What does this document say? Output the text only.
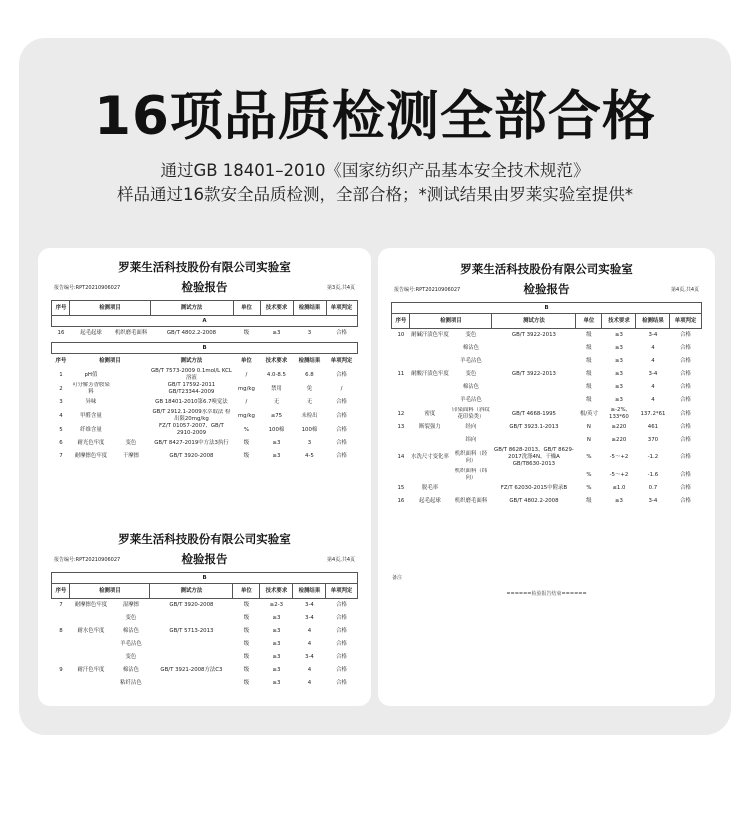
16项品质检测全部合格
通过GB 18401–2010《国家纺织产品基本安全技术规范》
样品通过16款安全品质检测，全部合格；*测试结果由罗莱实验室提供*
罗莱生活科技股份有限公司实验室
报告编号:RPT20210906027	检验报告	第3页,共4页
序号	检测项目		测试方法	单位	技术要求	检测结果	单项判定
A							
16	起毛起球	机织磨毛面料	GB/T 4802.2-2008	级	≥3	3	合格
B							
序号	检测项目		测试方法	单位	技术要求	检测结果	单项判定
1	pH值		GB/T 7573-2009 0.1mol/L KCL溶液	/	4.0-8.5	6.8	合格
2	可分解芳香胺染料		GB/T 17592-2011 GB/T23344-2009	mg/kg	禁用	免	/
3	异味		GB 18401-2010第6.7嗅觉法	/	无	无	合格
4	甲醛含量		GB/T 2912.1-2009水萃取法 检出限20mg/kg	mg/kg	≤75	未检出	合格
5	纤维含量		FZ/T 01057-2007、GB/T 2910-2009	%	100棉	100棉	合格
6	耐光色牢度	变色	GB/T 8427-2019中方法3执行	级	≥3	3	合格
7	耐摩擦色牢度	干摩擦	GB/T 3920-2008	级	≥3	4-5	合格
罗莱生活科技股份有限公司实验室
报告编号:RPT20210906027	检验报告	第4页,共4页
B							
序号	检测项目		测试方法	单位	技术要求	检测结果	单项判定
7	耐摩擦色牢度	湿摩擦	GB/T 3920-2008	级	≥2-3	3-4	合格
		变色		级	≥3	3-4	合格
8	耐水色牢度	棉沾色	GB/T 5713-2013	级	≥3	4	合格
		羊毛沾色		级	≥3	4	合格
		变色		级	≥3	3-4	合格
9	耐汗色牢度	棉沾色	GB/T 3921-2008方法C3	级	≥3	4	合格
		粘纤沾色		级	≥3	4	合格
罗莱生活科技股份有限公司实验室
报告编号:RPT20210906027	检验报告	第4页,共4页
B							
序号	检测项目		测试方法	单位	技术要求	检测结果	单项判定
10	耐碱汗渍色牢度	变色	GB/T 3922-2013	级	≥3	3-4	合格
		棉沾色		级	≥3	4	合格
		羊毛沾色		级	≥3	4	合格
11	耐酸汗渍色牢度	变色	GB/T 3922-2013	级	≥3	3-4	合格
		棉沾色		级	≥3	4	合格
		羊毛沾色		级	≥3	4	合格
12	密度	印染面料（斜纹花印染类）	GB/T 4668-1995	根/英寸	≥-2%, 133*60	137.2*61	合格
13	断裂强力	经向	GB/T 3923.1-2013	N	≥220	461	合格
		纬向		N	≥220	370	合格
14	水洗尺寸变化率	机织面料（经向）	GB/T 8628-2013、GB/T 8629-2017洗涤4N、干燥A GB/T8630-2013	%	-5～+2	-1.2	合格
		机织面料（纬向）		%	-5～+2	-1.6	合格
15	脱毛率		FZ/T 62030-2015中附录B	%	≤1.0	0.7	合格
16	起毛起球	机织磨毛面料	GB/T 4802.2-2008	级	≥3	3-4	合格
备注
======检验报告结束======
